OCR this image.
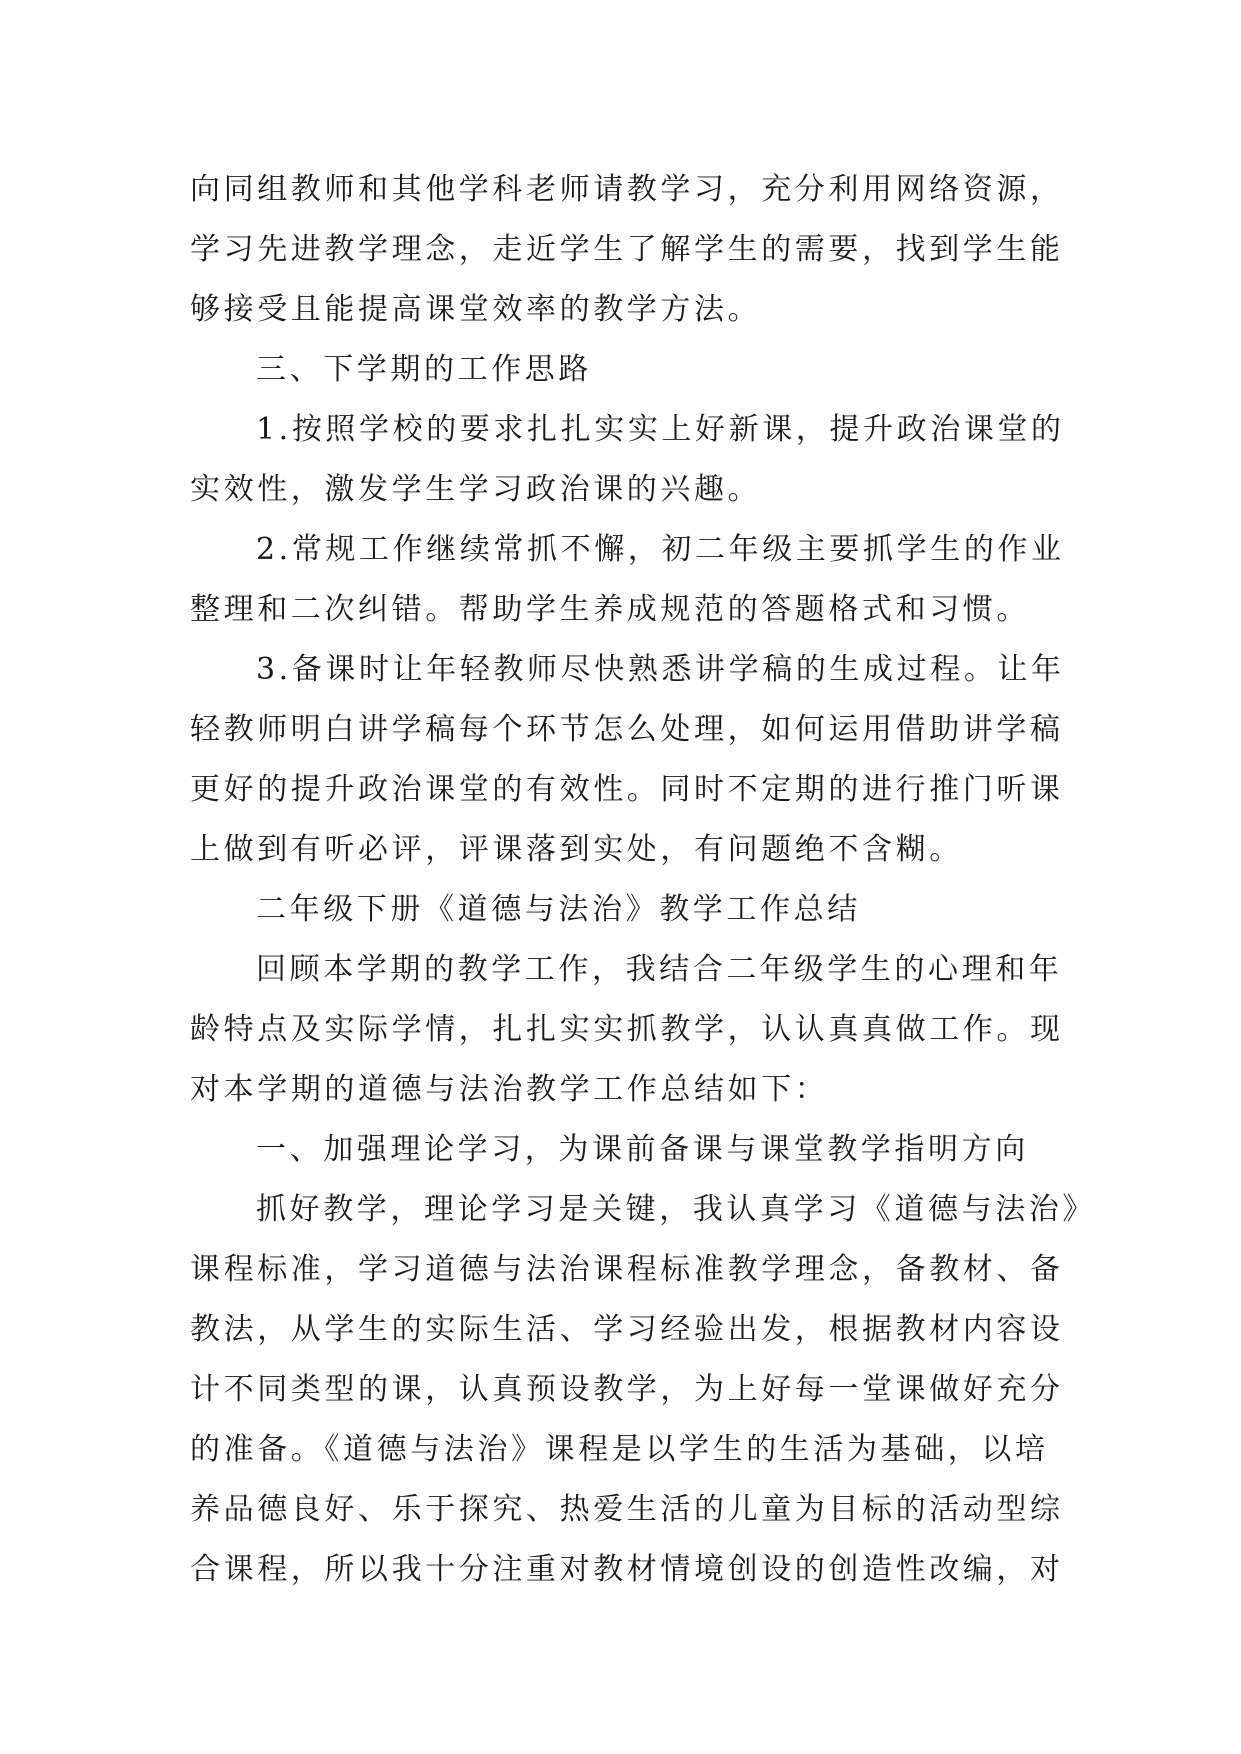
向同组教师和其他学科老师请教学习，充分利用网络资源，
学习先进教学理念，走近学生了解学生的需要，找到学生能
够接受且能提高课堂效率的教学方法。
三、下学期的工作思路
1.按照学校的要求扎扎实实上好新课，提升政治课堂的
实效性，激发学生学习政治课的兴趣。
2.常规工作继续常抓不懈，初二年级主要抓学生的作业
整理和二次纠错。帮助学生养成规范的答题格式和习惯。
3.备课时让年轻教师尽快熟悉讲学稿的生成过程。让年
轻教师明白讲学稿每个环节怎么处理，如何运用借助讲学稿
更好的提升政治课堂的有效性。同时不定期的进行推门听课
上做到有听必评，评课落到实处，有问题绝不含糊。
二年级下册《道德与法治》教学工作总结
回顾本学期的教学工作，我结合二年级学生的心理和年
龄特点及实际学情，扎扎实实抓教学，认认真真做工作。现
对本学期的道德与法治教学工作总结如下：
一、加强理论学习，为课前备课与课堂教学指明方向
抓好教学，理论学习是关键，我认真学习《道德与法治》
课程标准，学习道德与法治课程标准教学理念，备教材、备
教法，从学生的实际生活、学习经验出发，根据教材内容设
计不同类型的课，认真预设教学，为上好每一堂课做好充分
的准备。《道德与法治》课程是以学生的生活为基础，以培
养品德良好、乐于探究、热爱生活的儿童为目标的活动型综
合课程，所以我十分注重对教材情境创设的创造性改编，对
